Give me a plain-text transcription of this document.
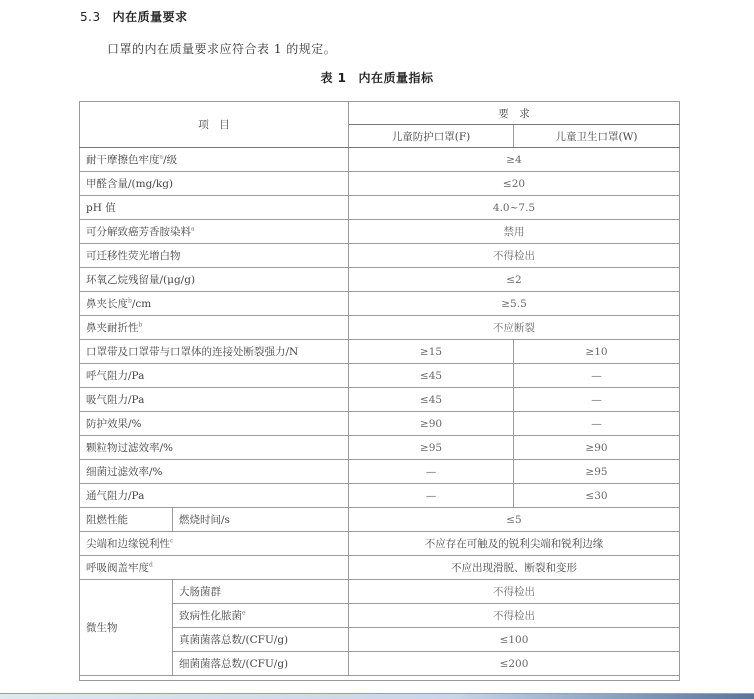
5.3 内在质量要求
口罩的内在质量要求应符合表 1 的规定。
表 1 内在质量指标
项　目		要　求	
		儿童防护口罩(F)	儿童卫生口罩(W)
耐干摩擦色牢度$^a$/级		≥4	
甲醛含量/(mg/kg)		≤20	
pH 值		4.0~7.5	
可分解致癌芳香胺染料$^a$		禁用	
可迁移性荧光增白物		不得检出	
环氧乙烷残留量/(μg/g)		≤2	
鼻夹长度$^b$/cm		≥5.5	
鼻夹耐折性$^b$		不应断裂	
口罩带及口罩带与口罩体的连接处断裂强力/N		≥15	≥10
呼气阻力/Pa		≤45	—
吸气阻力/Pa		≤45	—
防护效果/%		≥90	—
颗粒物过滤效率/%		≥95	≥90
细菌过滤效率/%		—	≥95
通气阻力/Pa		—	≤30
阻燃性能	燃烧时间/s	≤5	
尖端和边缘锐利性$^c$		不应存在可触及的锐利尖端和锐利边缘	
呼吸阀盖牢度$^d$		不应出现滑脱、断裂和变形	
微生物	大肠菌群	不得检出	
	致病性化脓菌$^e$	不得检出	
	真菌菌落总数/(CFU/g)	≤100	
	细菌菌落总数/(CFU/g)	≤200	
